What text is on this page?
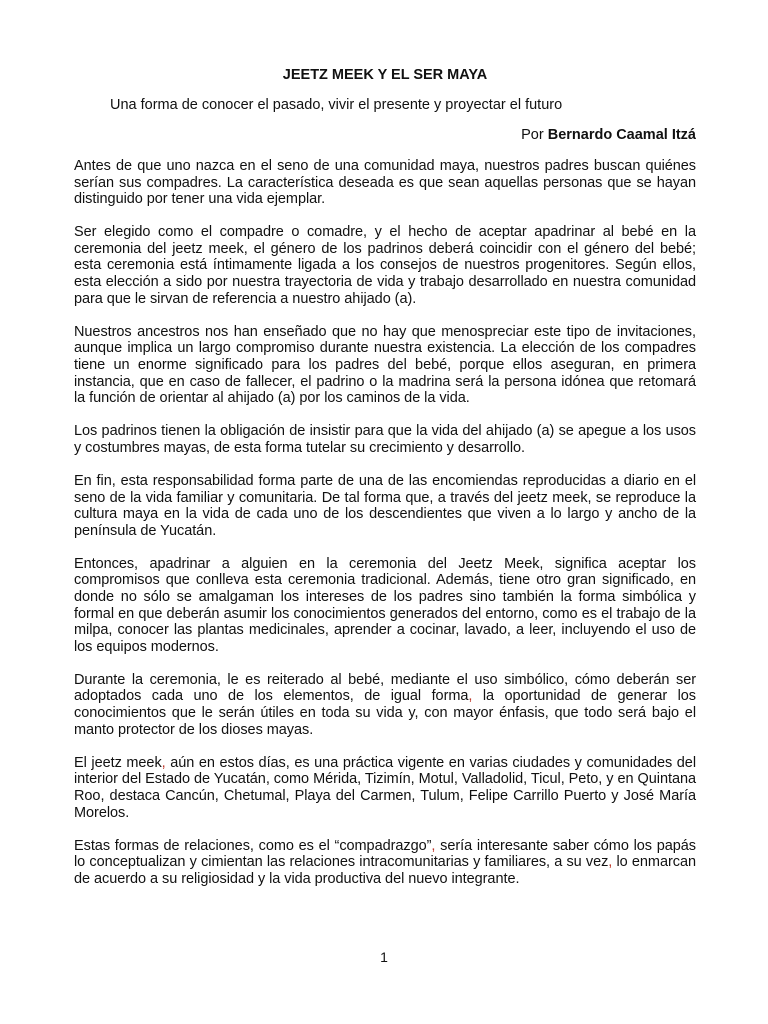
JEETZ MEEK Y EL SER MAYA
Una forma de conocer el pasado, vivir el presente y proyectar el futuro
Por Bernardo Caamal Itzá

Antes de que uno nazca en el seno de una comunidad maya, nuestros padres buscan quiénes serían sus compadres. La característica deseada es que sean aquellas personas que se hayan distinguido por tener una vida ejemplar.

Ser elegido como el compadre o comadre, y el hecho de aceptar apadrinar al bebé en la ceremonia del jeetz meek, el género de los padrinos deberá coincidir con el género del bebé; esta ceremonia está íntimamente ligada a los consejos de nuestros progenitores. Según ellos, esta elección a sido por nuestra trayectoria de vida y trabajo desarrollado en nuestra comunidad para que le sirvan de referencia a nuestro ahijado (a).

Nuestros ancestros nos han enseñado que no hay que menospreciar este tipo de invitaciones, aunque implica un largo compromiso durante nuestra existencia. La elección de los compadres tiene un enorme significado para los padres del bebé, porque ellos aseguran, en primera instancia, que en caso de fallecer, el padrino o la madrina será la persona idónea que retomará la función de orientar al ahijado (a) por los caminos de la vida.

Los padrinos tienen la obligación de insistir para que la vida del ahijado (a) se apegue a los usos y costumbres mayas, de esta forma tutelar su crecimiento y desarrollo.

En fin, esta responsabilidad forma parte de una de las encomiendas reproducidas a diario en el seno de la vida familiar y comunitaria. De tal forma que, a través del jeetz meek, se reproduce la cultura maya en la vida de cada uno de los descendientes que viven a lo largo y ancho de la península de Yucatán.

Entonces, apadrinar a alguien en la ceremonia del Jeetz Meek, significa aceptar los compromisos que conlleva esta ceremonia tradicional. Además, tiene otro gran significado, en donde no sólo se amalgaman los intereses de los padres sino también la forma simbólica y formal en que deberán asumir los conocimientos generados del entorno, como es el trabajo de la milpa, conocer las plantas medicinales, aprender a cocinar, lavado, a leer, incluyendo el uso de los equipos modernos.

Durante la ceremonia, le es reiterado al bebé, mediante el uso simbólico, cómo deberán ser adoptados cada uno de los elementos, de igual forma, la oportunidad de generar los conocimientos que le serán útiles en toda su vida y, con mayor énfasis, que todo será bajo el manto protector de los dioses mayas.

El jeetz meek, aún en estos días, es una práctica vigente en varias ciudades y comunidades del interior del Estado de Yucatán, como Mérida, Tizimín, Motul, Valladolid, Ticul, Peto, y en Quintana Roo, destaca Cancún, Chetumal, Playa del Carmen, Tulum, Felipe Carrillo Puerto y José María Morelos.

Estas formas de relaciones, como es el “compadrazgo”, sería interesante saber cómo los papás lo conceptualizan y cimientan las relaciones intracomunitarias y familiares, a su vez, lo enmarcan de acuerdo a su religiosidad y la vida productiva del nuevo integrante.

1
